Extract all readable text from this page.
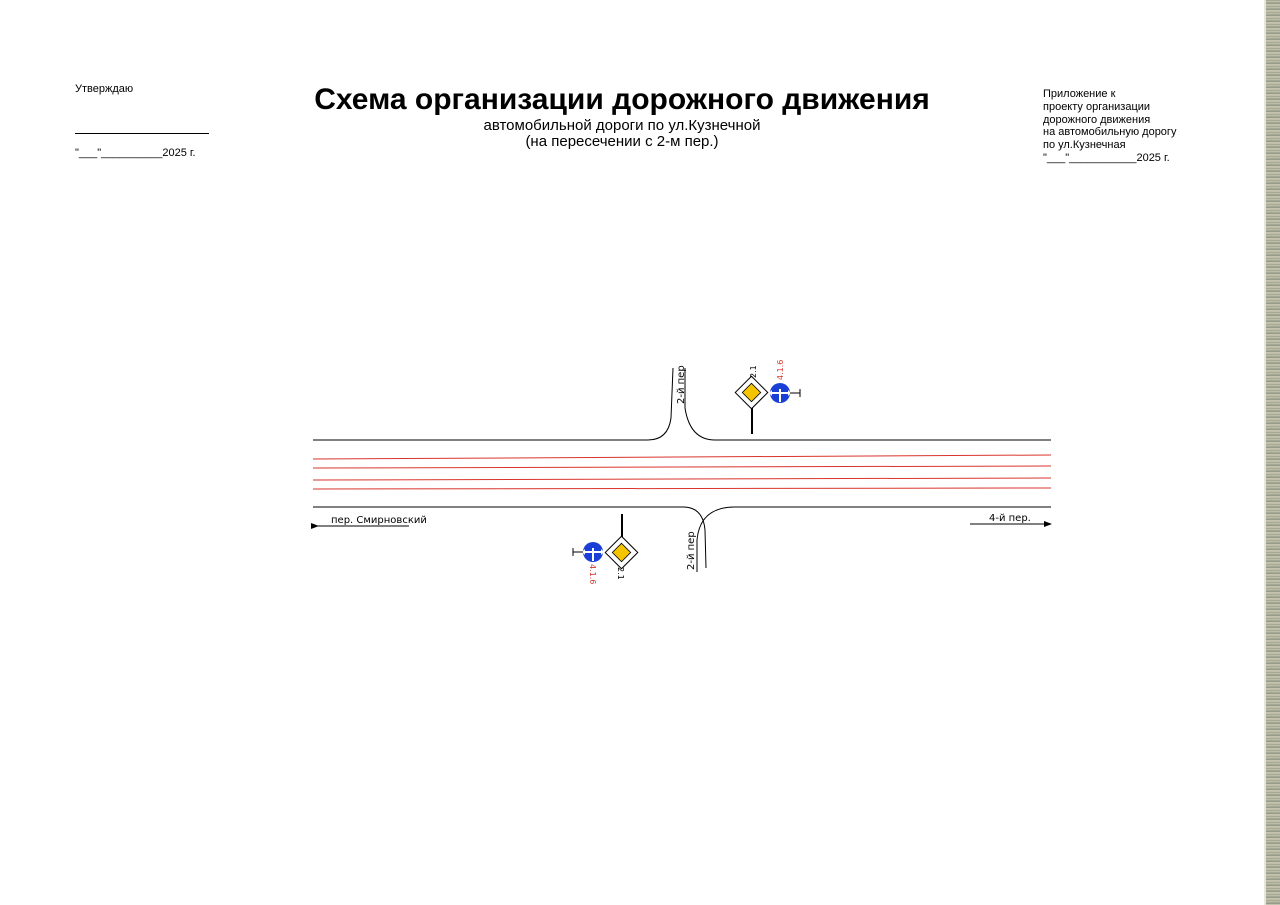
Утверждаю
"___"__________2025 г.
Схема организации дорожного движения
автомобильной дороги по ул.Кузнечной
(на пересечении с 2-м пер.)
Приложение к
проекту организации
дорожного движения
на автомобильную дорогу
по ул.Кузнечная
"___"___________2025 г.
2-й пер
2-й пер
пер. Смирновский	4-й пер.
2.1 4.1.6
2.1
4.1.6
